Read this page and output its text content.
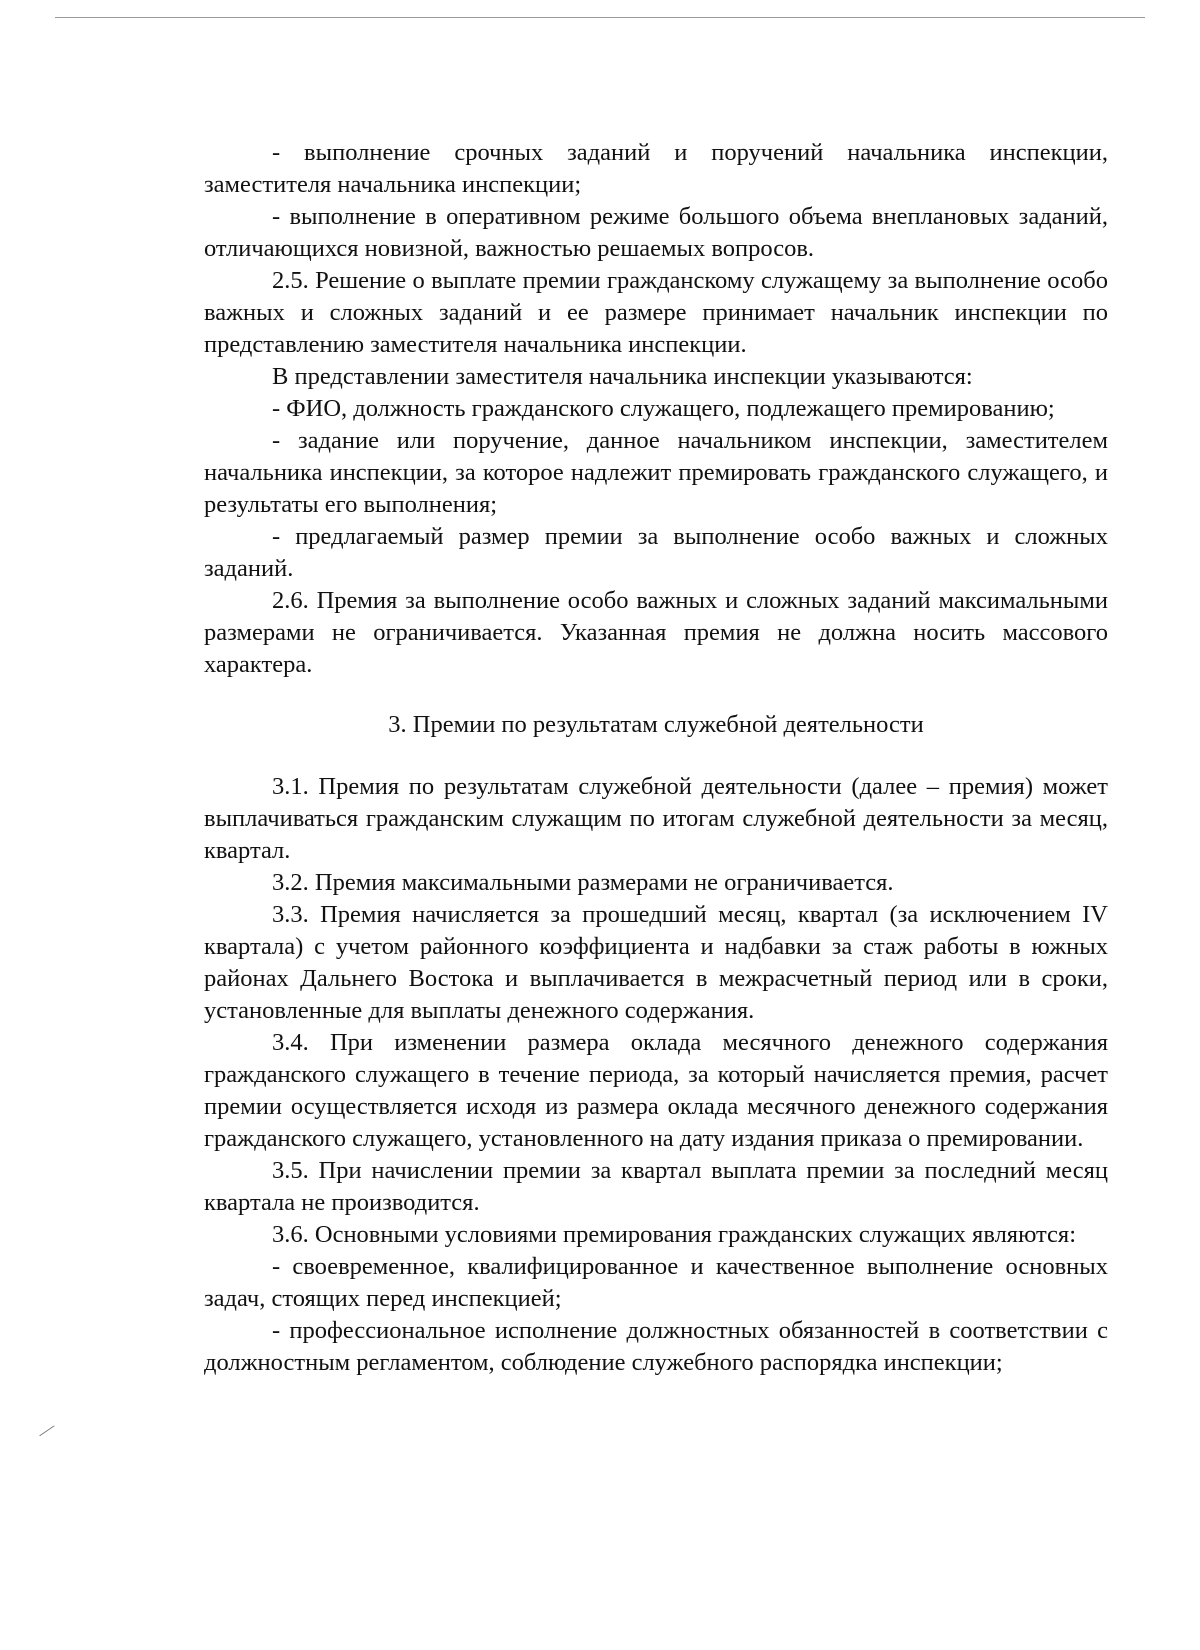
- выполнение срочных заданий и поручений начальника инспекции, заместителя начальника инспекции;

- выполнение в оперативном режиме большого объема внеплановых заданий, отличающихся новизной, важностью решаемых вопросов.

2.5. Решение о выплате премии гражданскому служащему за выполнение особо важных и сложных заданий и ее размере принимает начальник инспекции по представлению заместителя начальника инспекции.

В представлении заместителя начальника инспекции указываются:

- ФИО, должность гражданского служащего, подлежащего премированию;

- задание или поручение, данное начальником инспекции, заместителем начальника инспекции, за которое надлежит премировать гражданского служащего, и результаты его выполнения;

- предлагаемый размер премии за выполнение особо важных и сложных заданий.

2.6. Премия за выполнение особо важных и сложных заданий максимальными размерами не ограничивается. Указанная премия не должна носить массового характера.

3. Премии по результатам служебной деятельности

3.1. Премия по результатам служебной деятельности (далее – премия) может выплачиваться гражданским служащим по итогам служебной деятельности за месяц, квартал.

3.2. Премия максимальными размерами не ограничивается.

3.3. Премия начисляется за прошедший месяц, квартал (за исключением IV квартала) с учетом районного коэффициента и надбавки за стаж работы в южных районах Дальнего Востока и выплачивается в межрасчетный период или в сроки, установленные для выплаты денежного содержания.

3.4. При изменении размера оклада месячного денежного содержания гражданского служащего в течение периода, за который начисляется премия, расчет премии осуществляется исходя из размера оклада месячного денежного содержания гражданского служащего, установленного на дату издания приказа о премировании.

3.5. При начислении премии за квартал выплата премии за последний месяц квартала не производится.

3.6. Основными условиями премирования гражданских служащих являются:

- своевременное, квалифицированное и качественное выполнение основных задач, стоящих перед инспекцией;

- профессиональное исполнение должностных обязанностей в соответствии с должностным регламентом, соблюдение служебного распорядка инспекции;

∕
